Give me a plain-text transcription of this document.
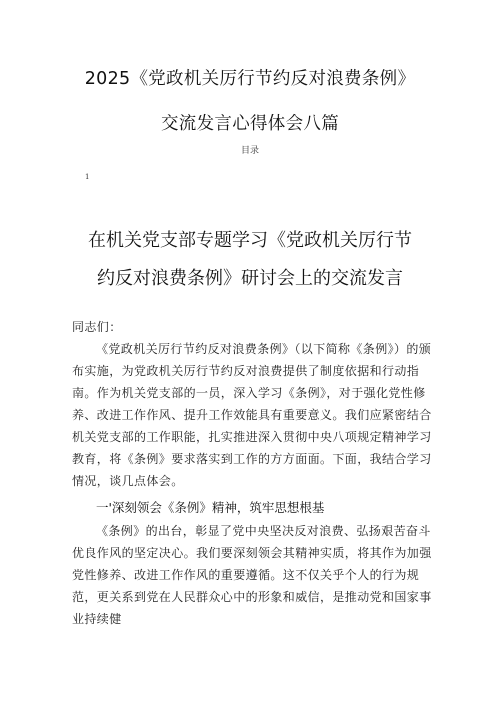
2025《党政机关厉行节约反对浪费条例》
交流发言心得体会八篇
目录
1
在机关党支部专题学习《党政机关厉行节
约反对浪费条例》研讨会上的交流发言
同志们：
《党政机关厉行节约反对浪费条例》（以下简称《条例》）的颁布实施，为党政机关厉行节约反对浪费提供了制度依据和行动指南。作为机关党支部的一员，深入学习《条例》，对于强化党性修养、改进工作作风、提升工作效能具有重要意义。我们应紧密结合机关党支部的工作职能，扎实推进深入贯彻中央八项规定精神学习教育，将《条例》要求落实到工作的方方面面。下面，我结合学习情况，谈几点体会。
一'深刻领会《条例》精神，筑牢思想根基
《条例》的出台，彰显了党中央坚决反对浪费、弘扬艰苦奋斗优良作风的坚定决心。我们要深刻领会其精神实质，将其作为加强党性修养、改进工作作风的重要遵循。这不仅关乎个人的行为规范，更关系到党在人民群众心中的形象和威信，是推动党和国家事业持续健
